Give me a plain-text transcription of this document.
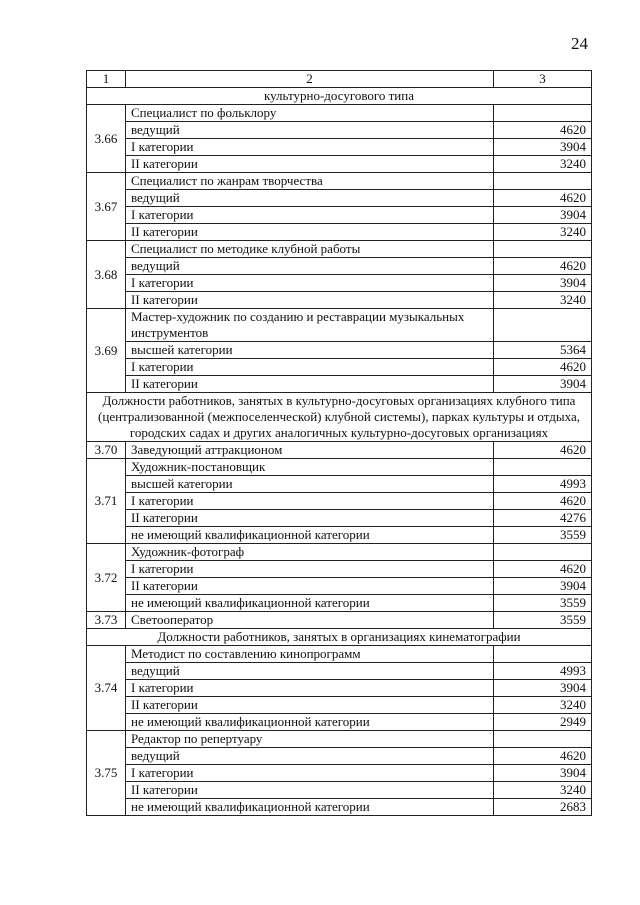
24
1	2	3
культурно-досугового типа		
3.66	Специалист по фольклору	
	ведущий	4620
	I категории	3904
	II категории	3240
3.67	Специалист по жанрам творчества	
	ведущий	4620
	I категории	3904
	II категории	3240
3.68	Специалист по методике клубной работы	
	ведущий	4620
	I категории	3904
	II категории	3240
3.69	Мастер-художник по созданию и реставрации музыкальных инструментов	
	высшей категории	5364
	I категории	4620
	II категории	3904
Должности работников, занятых в культурно-досуговых организациях клубного типа (централизованной (межпоселенческой) клубной системы), парках культуры и отдыха, городских садах и других аналогичных культурно-досуговых организациях		
3.70	Заведующий аттракционом	4620
3.71	Художник-постановщик	
	высшей категории	4993
	I категории	4620
	II категории	4276
	не имеющий квалификационной категории	3559
3.72	Художник-фотограф	
	I категории	4620
	II категории	3904
	не имеющий квалификационной категории	3559
3.73	Светооператор	3559
Должности работников, занятых в организациях кинематографии		
3.74	Методист по составлению кинопрограмм	
	ведущий	4993
	I категории	3904
	II категории	3240
	не имеющий квалификационной категории	2949
3.75	Редактор по репертуару	
	ведущий	4620
	I категории	3904
	II категории	3240
	не имеющий квалификационной категории	2683
